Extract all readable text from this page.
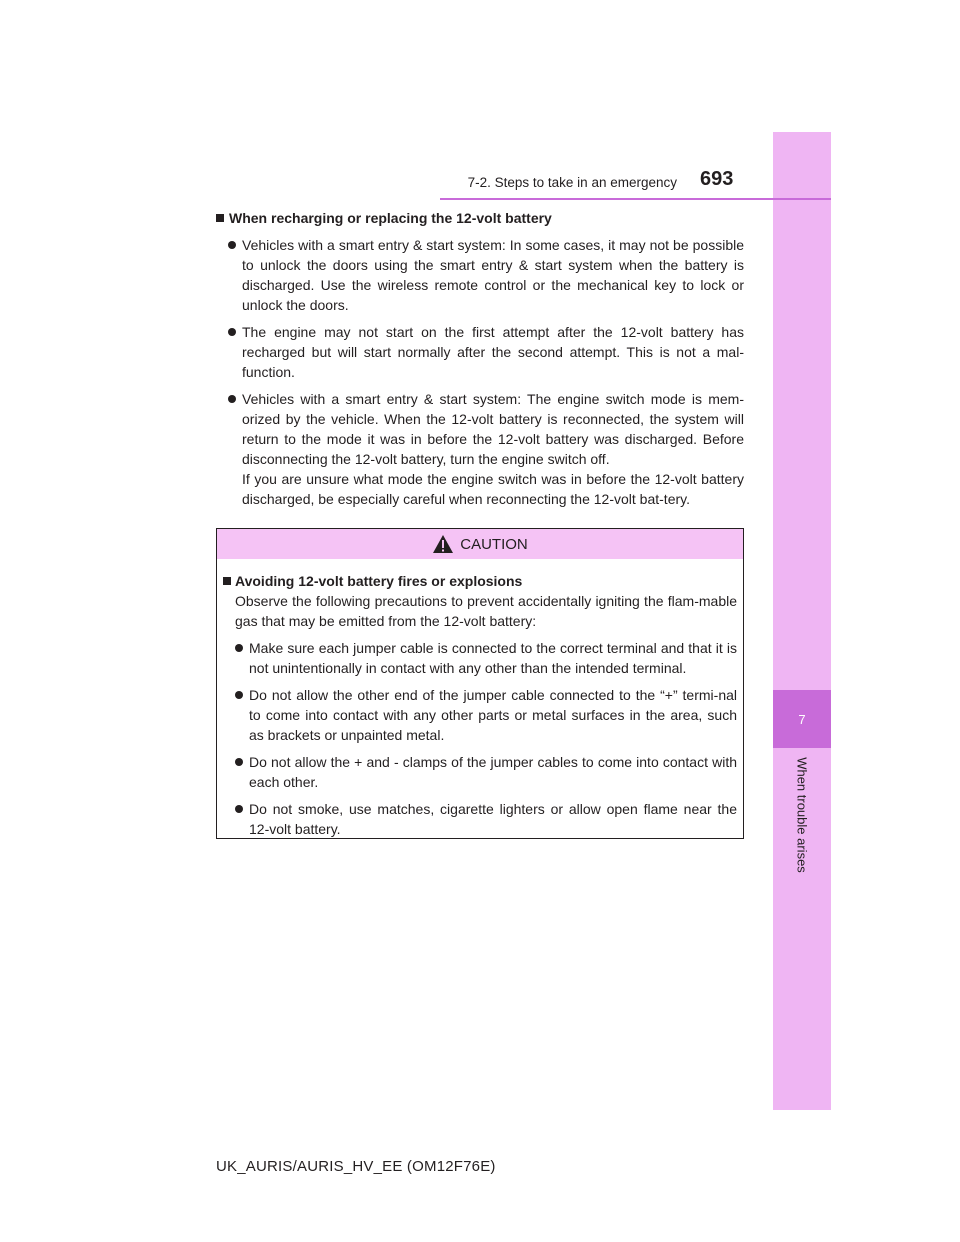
7
When trouble arises
7-2. Steps to take in an emergency 693
When recharging or replacing the 12-volt battery
Vehicles with a smart entry & start system: In some cases, it may not be possible to unlock the doors using the smart entry & start system when the battery is discharged. Use the wireless remote control or the mechanical key to lock or unlock the doors.
The engine may not start on the first attempt after the 12-volt battery has recharged but will start normally after the second attempt. This is not a mal-function.
Vehicles with a smart entry & start system: The engine switch mode is mem-orized by the vehicle. When the 12-volt battery is reconnected, the system will return to the mode it was in before the 12-volt battery was discharged. Before disconnecting the 12-volt battery, turn the engine switch off.
If you are unsure what mode the engine switch was in before the 12-volt battery discharged, be especially careful when reconnecting the 12-volt bat-tery.
CAUTION
Avoiding 12-volt battery fires or explosions
Observe the following precautions to prevent accidentally igniting the flam-mable gas that may be emitted from the 12-volt battery:
Make sure each jumper cable is connected to the correct terminal and that it is not unintentionally in contact with any other than the intended terminal.
Do not allow the other end of the jumper cable connected to the “+” termi-nal to come into contact with any other parts or metal surfaces in the area, such as brackets or unpainted metal.
Do not allow the + and - clamps of the jumper cables to come into contact with each other.
Do not smoke, use matches, cigarette lighters or allow open flame near the 12-volt battery.
UK_AURIS/AURIS_HV_EE (OM12F76E)
